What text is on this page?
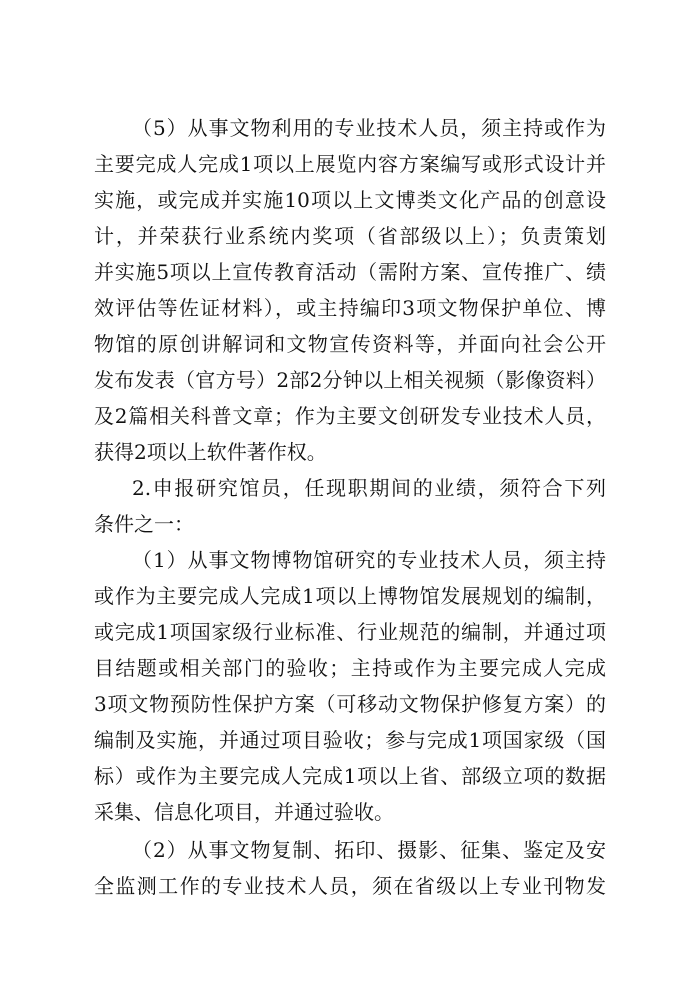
（5）从事文物利用的专业技术人员，须主持或作为
主要完成人完成1项以上展览内容方案编写或形式设计并
实施，或完成并实施10项以上文博类文化产品的创意设
计，并荣获行业系统内奖项（省部级以上）；负责策划
并实施5项以上宣传教育活动（需附方案、宣传推广、绩
效评估等佐证材料），或主持编印3项文物保护单位、博
物馆的原创讲解词和文物宣传资料等，并面向社会公开
发布发表（官方号）2部2分钟以上相关视频（影像资料）
及2篇相关科普文章；作为主要文创研发专业技术人员，
获得2项以上软件著作权。
2.申报研究馆员，任现职期间的业绩，须符合下列
条件之一：
（1）从事文物博物馆研究的专业技术人员，须主持
或作为主要完成人完成1项以上博物馆发展规划的编制，
或完成1项国家级行业标准、行业规范的编制，并通过项
目结题或相关部门的验收；主持或作为主要完成人完成
3项文物预防性保护方案（可移动文物保护修复方案）的
编制及实施，并通过项目验收；参与完成1项国家级（国
标）或作为主要完成人完成1项以上省、部级立项的数据
采集、信息化项目，并通过验收。
（2）从事文物复制、拓印、摄影、征集、鉴定及安
全监测工作的专业技术人员，须在省级以上专业刊物发
